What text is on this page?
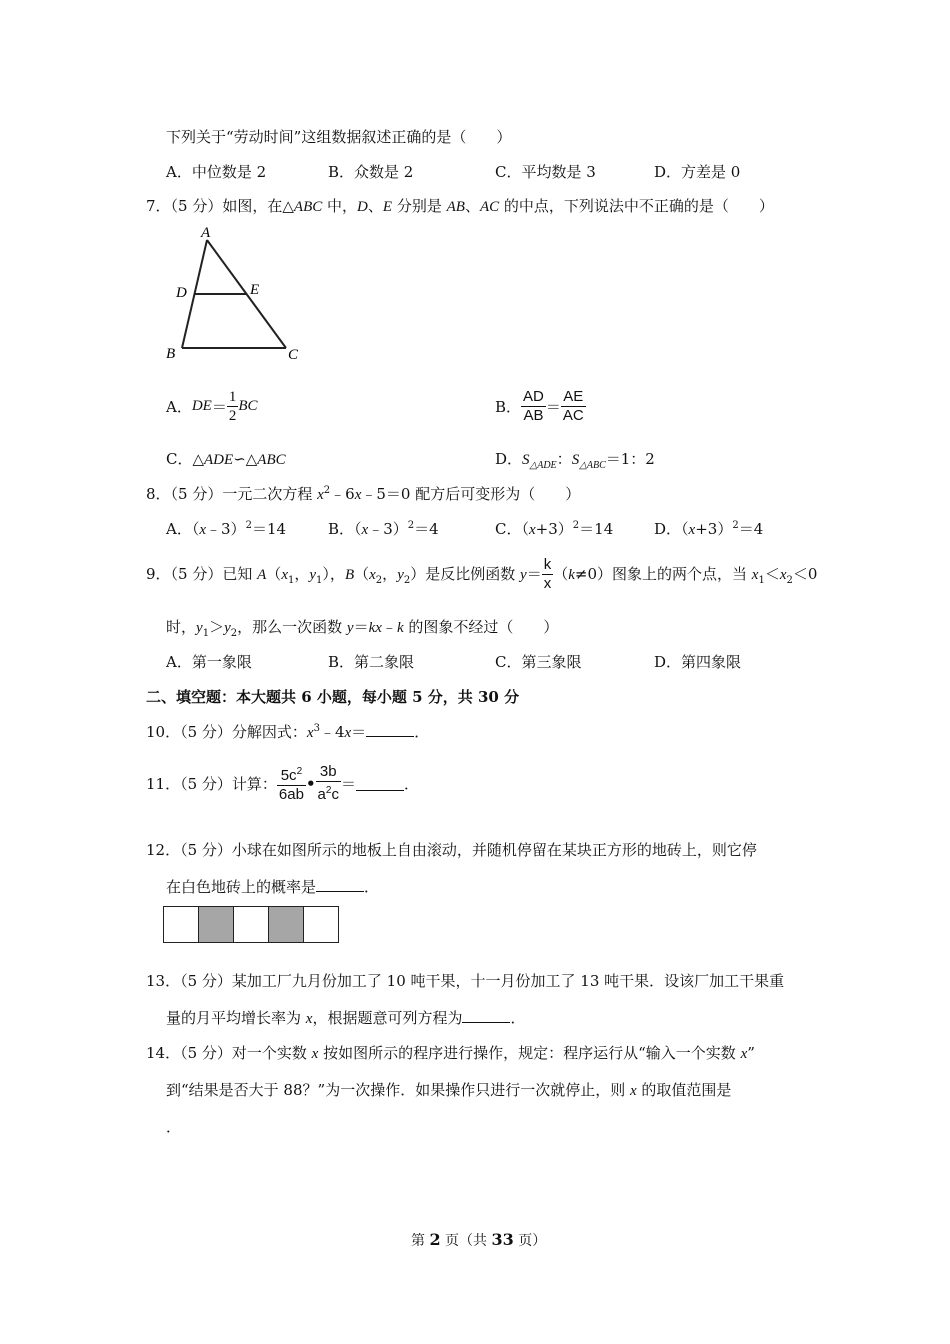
下列关于“劳动时间”这组数据叙述正确的是（　　）
A．中位数是 2	B．众数是 2	C．平均数是 3	D．方差是 0
7．（5 分）如图，在△ABC 中，D、E 分别是 AB、AC 的中点，下列说法中不正确的是（　　）
A
D	E
B	C
A．$DE= \frac{1}{2}$ BC	B． $\frac{AD}{AB} = \frac{AE}{AC}$
C．△ADE∽△ABC	D．$S_{\triangle ADE}$：$S_{\triangle ABC}=1$：2
8．（5 分）一元二次方程 $x^2﹣6x﹣5=0$ 配方后可变形为（　　）
A．（x﹣3）$^2$＝14	B．（x﹣3）$^2$＝4	C．$(x+3)^2=14$	D．$(x+3)^2=4$
9．（5 分）已知 $A(x_1$，$y_1$），$B(x_2$，$y_2$）是反比例函数 $y= \frac{k}{x} (k\ne 0)$图象上的两个点，当 $x_1<x_2<0$
时，$y_1>y_2$，那么一次函数 y＝kx﹣k 的图象不经过（　　）
A．第一象限	B．第二象限	C．第三象限	D．第四象限
二、填空题：本大题共 6 小题，每小题 5 分，共 30 分
10．（5 分）分解因式：$x^3﹣4x=$	．
11．（5 分）计算： $\frac{5c^2}{6ab}$ • $\frac{3b}{a^2c}$ ＝	．
12．（5 分）小球在如图所示的地板上自由滚动，并随机停留在某块正方形的地砖上，则它停
在白色地砖上的概率是	．
13．（5 分）某加工厂九月份加工了 10 吨干果，十一月份加工了 13 吨干果．设该厂加工干果重
量的月平均增长率为 x，根据题意可列方程为	．
14．（5 分）对一个实数 x 按如图所示的程序进行操作，规定：程序运行从“输入一个实数 x”
到“结果是否大于 88？”为一次操作．如果操作只进行一次就停止，则 x 的取值范围是
．
第 2 页（共 33 页）
